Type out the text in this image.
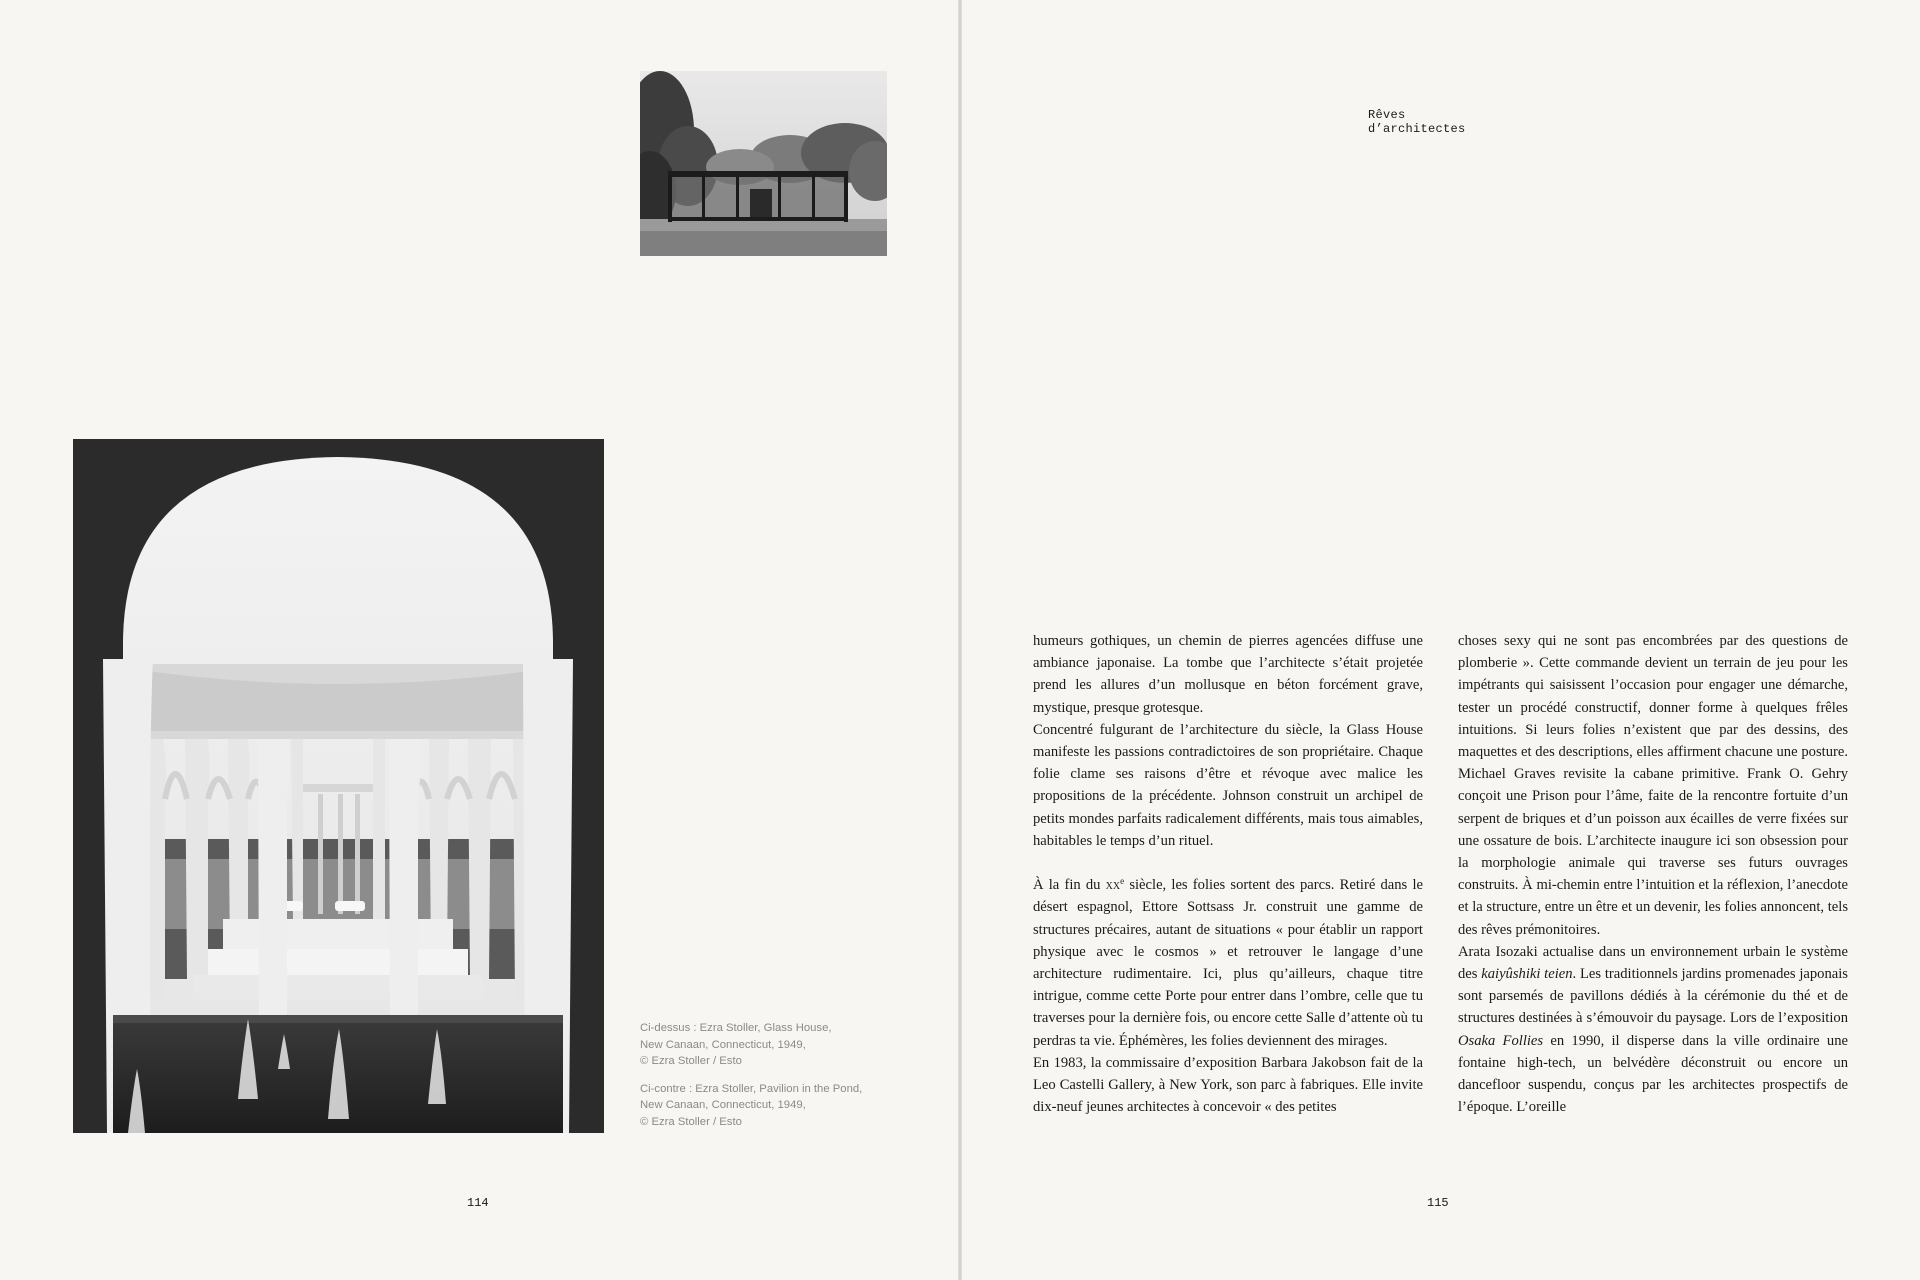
Rêves d’architectes
Ci-dessus : Ezra Stoller, Glass House,
New Canaan, Connecticut, 1949,
© Ezra Stoller / Esto
Ci-contre : Ezra Stoller, Pavilion in the Pond,
New Canaan, Connecticut, 1949,
© Ezra Stoller / Esto

humeurs gothiques, un chemin de pierres agencées diffuse une ambiance japonaise. La tombe que l’architecte s’était projetée prend les allures d’un mollusque en béton forcément grave, mystique, presque grotesque.

Concentré fulgurant de l’architecture du siècle, la Glass House manifeste les passions contradictoires de son propriétaire. Chaque folie clame ses raisons d’être et révoque avec malice les propositions de la précédente. Johnson construit un archipel de petits mondes parfaits radicalement différents, mais tous aimables, habitables le temps d’un rituel.

À la fin du $xx^e$ siècle, les folies sortent des parcs. Retiré dans le désert espagnol, Ettore Sottsass Jr. construit une gamme de structures précaires, autant de situations « pour établir un rapport physique avec le cosmos » et retrouver le langage d’une architecture rudimentaire. Ici, plus qu’ailleurs, chaque titre intrigue, comme cette Porte pour entrer dans l’ombre, celle que tu traverses pour la dernière fois, ou encore cette Salle d’attente où tu perdras ta vie. Éphémères, les folies deviennent des mirages.

En 1983, la commissaire d’exposition Barbara Jakobson fait de la Leo Castelli Gallery, à New York, son parc à fabriques. Elle invite dix-neuf jeunes architectes à concevoir « des petites

choses sexy qui ne sont pas encombrées par des questions de plomberie ». Cette commande devient un terrain de jeu pour les impétrants qui saisissent l’occasion pour engager une démarche, tester un procédé constructif, donner forme à quelques frêles intuitions. Si leurs folies n’existent que par des dessins, des maquettes et des descriptions, elles affirment chacune une posture. Michael Graves revisite la cabane primitive. Frank O. Gehry conçoit une Prison pour l’âme, faite de la rencontre fortuite d’un serpent de briques et d’un poisson aux écailles de verre fixées sur une ossature de bois. L’architecte inaugure ici son obsession pour la morphologie animale qui traverse ses futurs ouvrages construits. À mi-chemin entre l’intuition et la réflexion, l’anecdote et la structure, entre un être et un devenir, les folies annoncent, tels des rêves prémonitoires.

Arata Isozaki actualise dans un environnement urbain le système des kaiyûshiki teien. Les traditionnels jardins promenades japonais sont parsemés de pavillons dédiés à la cérémonie du thé et de structures destinées à s’émouvoir du paysage. Lors de l’exposition Osaka Follies en 1990, il disperse dans la ville ordinaire une fontaine high-tech, un belvédère déconstruit ou encore un dancefloor suspendu, conçus par les architectes prospectifs de l’époque. L’oreille

114	115
